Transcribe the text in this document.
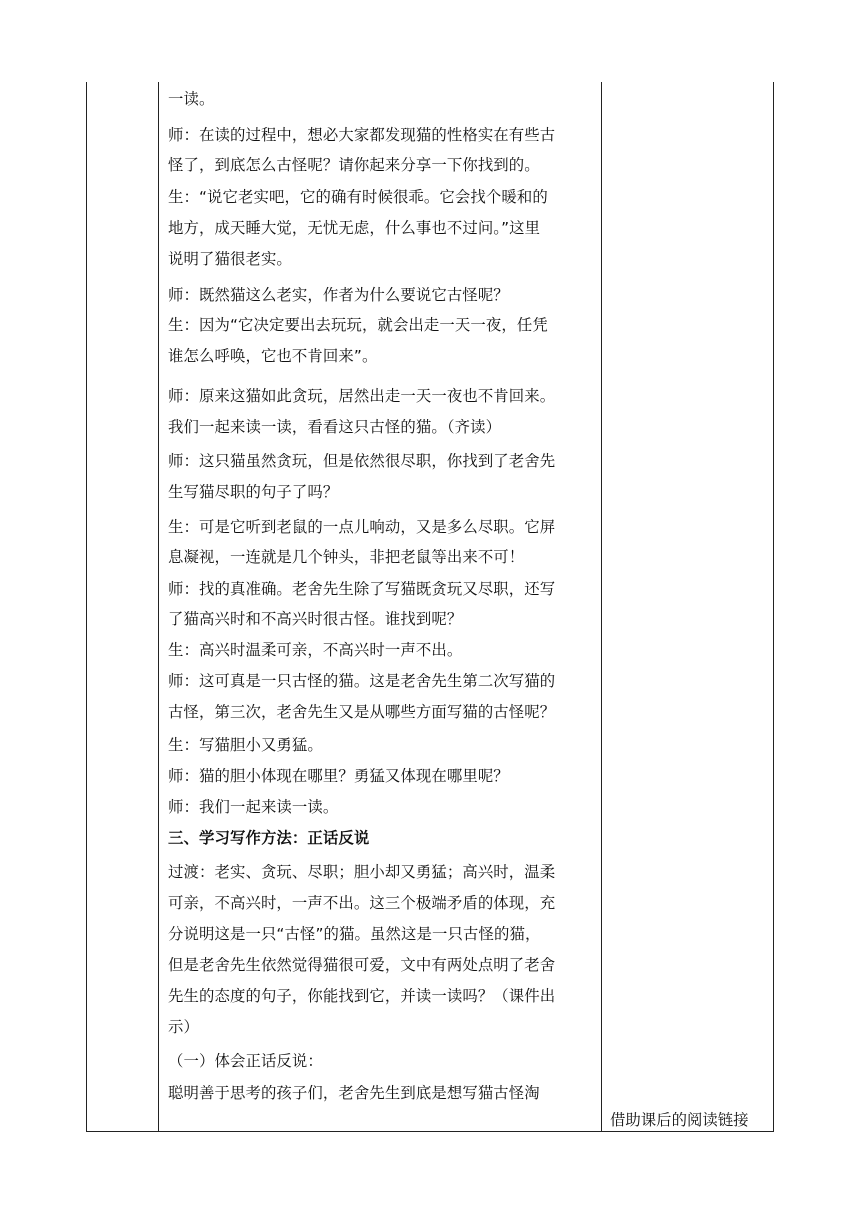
一读。
师：在读的过程中，想必大家都发现猫的性格实在有些古
怪了，到底怎么古怪呢？请你起来分享一下你找到的。
生：“说它老实吧，它的确有时候很乖。它会找个暖和的
地方，成天睡大觉，无忧无虑，什么事也不过问。”这里
说明了猫很老实。
师：既然猫这么老实，作者为什么要说它古怪呢？
生：因为“它决定要出去玩玩，就会出走一天一夜，任凭
谁怎么呼唤，它也不肯回来”。
师：原来这猫如此贪玩，居然出走一天一夜也不肯回来。
我们一起来读一读，看看这只古怪的猫。（齐读）
师：这只猫虽然贪玩，但是依然很尽职，你找到了老舍先
生写猫尽职的句子了吗？
生：可是它听到老鼠的一点儿响动，又是多么尽职。它屏
息凝视，一连就是几个钟头，非把老鼠等出来不可！
师：找的真准确。老舍先生除了写猫既贪玩又尽职，还写
了猫高兴时和不高兴时很古怪。谁找到呢？
生：高兴时温柔可亲，不高兴时一声不出。
师：这可真是一只古怪的猫。这是老舍先生第二次写猫的
古怪，第三次，老舍先生又是从哪些方面写猫的古怪呢？
生：写猫胆小又勇猛。
师：猫的胆小体现在哪里？勇猛又体现在哪里呢？
师：我们一起来读一读。
三、学习写作方法：正话反说
过渡：老实、贪玩、尽职；胆小却又勇猛；高兴时，温柔
可亲，不高兴时，一声不出。这三个极端矛盾的体现，充
分说明这是一只“古怪”的猫。虽然这是一只古怪的猫，
但是老舍先生依然觉得猫很可爱，文中有两处点明了老舍
先生的态度的句子，你能找到它，并读一读吗？（课件出
示）
（一）体会正话反说：
聪明善于思考的孩子们，老舍先生到底是想写猫古怪淘
借助课后的阅读链接
